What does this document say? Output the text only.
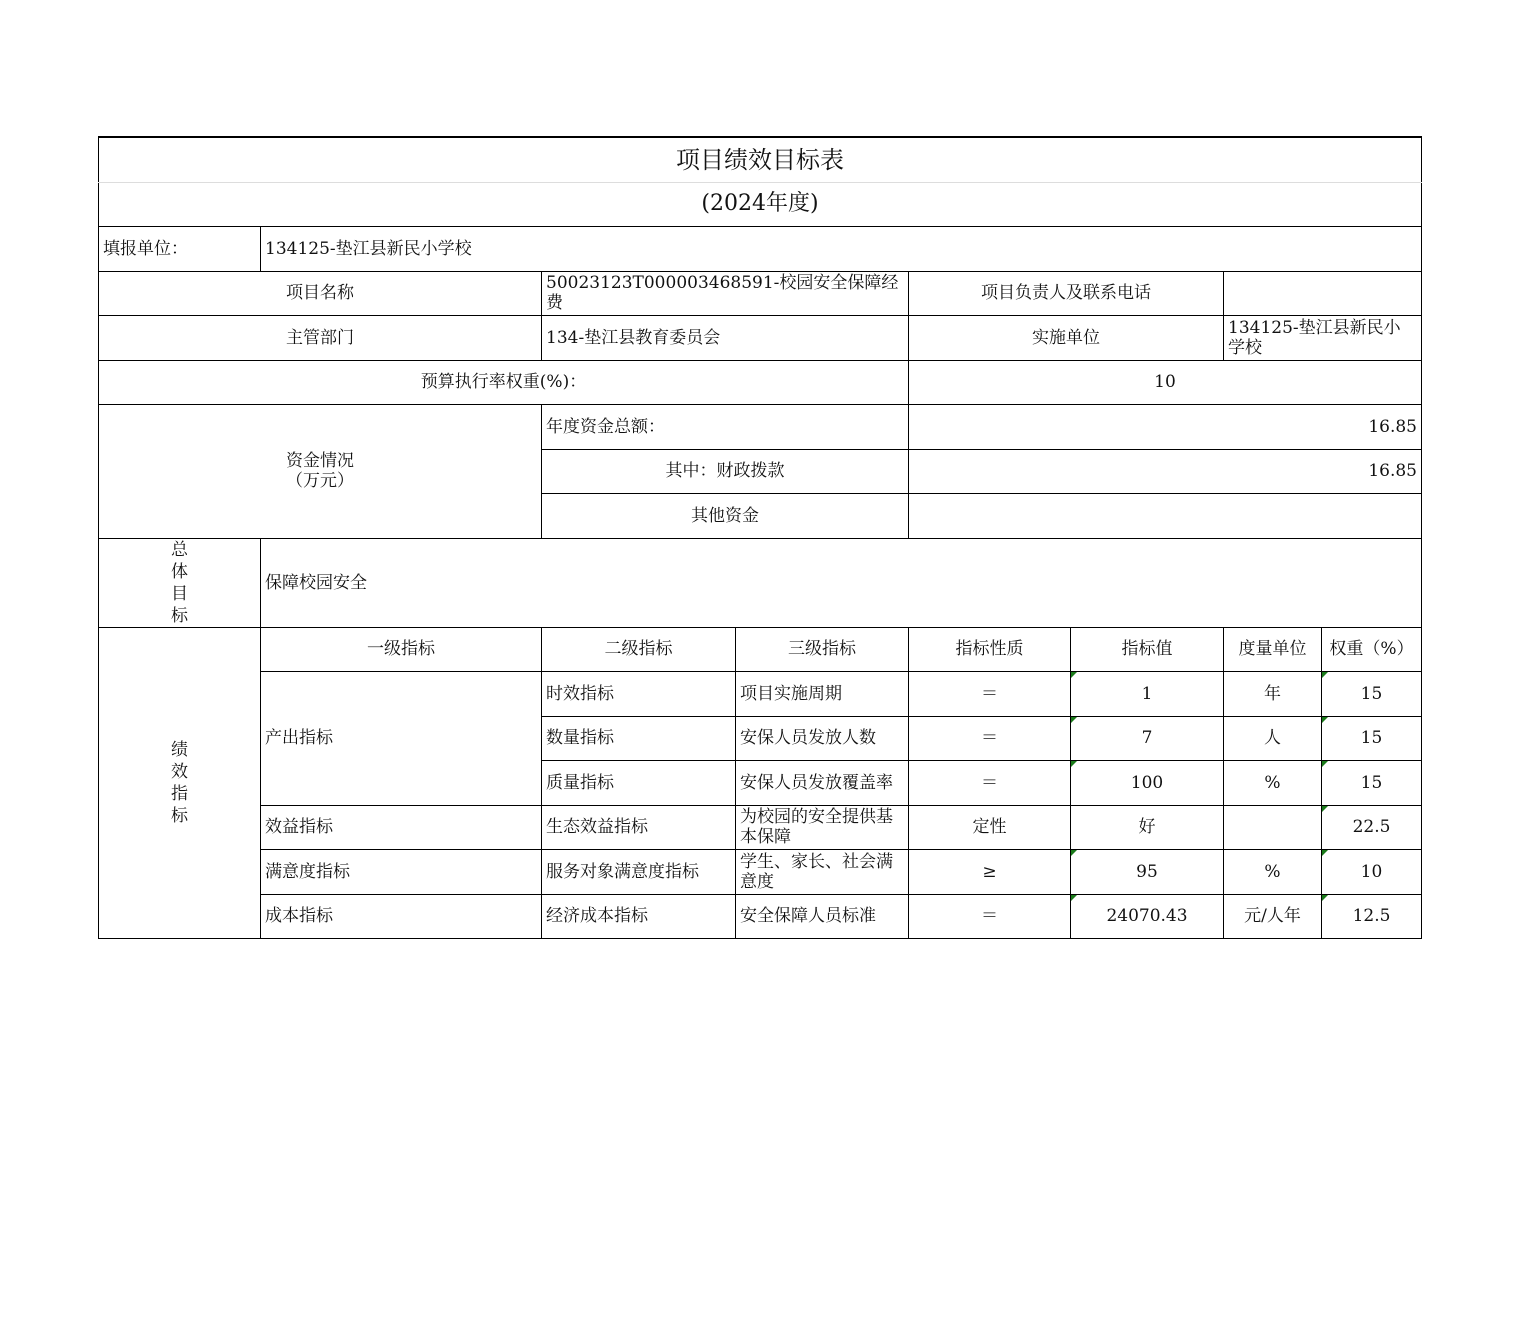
项目绩效目标表							
(2024年度)							
填报单位：	134125-垫江县新民小学校						
项目名称		50023123T000003468591-校园安全保障经费		项目负责人及联系电话			
主管部门		134-垫江县教育委员会		实施单位		134125-垫江县新民小学校	

预算执行率权重(%)：				10			

资金情况
（万元）		年度资金总额：		16.85			
		其中：财政拨款		16.85			
		其他资金					
总
体
目
标	保障校园安全						
绩
效
指
标	一级指标	二级指标	三级指标	指标性质	指标值	度量单位	权重（%）
	产出指标	时效指标	项目实施周期	＝	1	年	15
		数量指标	安保人员发放人数	＝	7	人	15
		质量指标	安保人员发放覆盖率	＝	100	%	15
	效益指标	生态效益指标	为校园的安全提供基本保障	定性	好		22.5
	满意度指标	服务对象满意度指标	学生、家长、社会满意度	≥	95	%	10
	成本指标	经济成本指标	安全保障人员标准	＝	24070.43	元/人年	12.5
